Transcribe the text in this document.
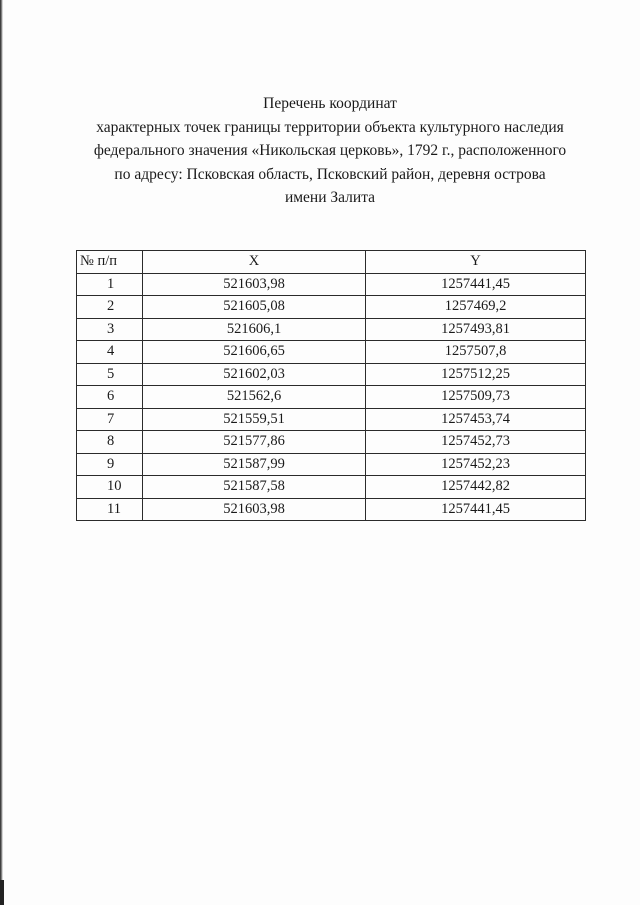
Перечень координат
характерных точек границы территории объекта культурного наследия
федерального значения «Никольская церковь», 1792 г., расположенного
по адресу: Псковская область, Псковский район, деревня острова
имени Залита
№ п/п	X	Y
1	521603,98	1257441,45
2	521605,08	1257469,2
3	521606,1	1257493,81
4	521606,65	1257507,8
5	521602,03	1257512,25
6	521562,6	1257509,73
7	521559,51	1257453,74
8	521577,86	1257452,73
9	521587,99	1257452,23
10	521587,58	1257442,82
11	521603,98	1257441,45
